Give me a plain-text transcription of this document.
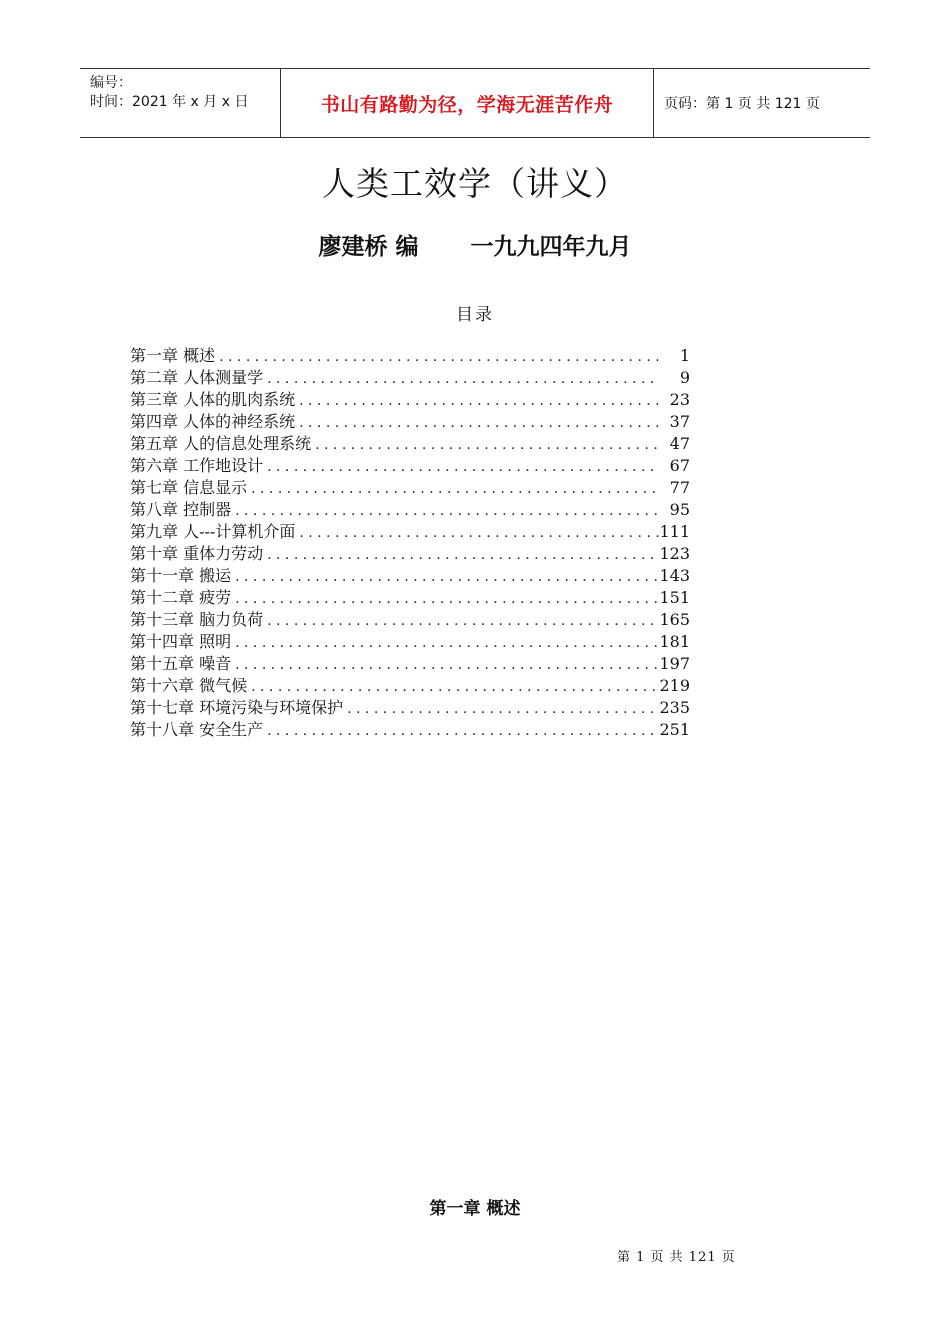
编号：
时间：2021 年 x 月 x 日	书山有路勤为径，学海无涯苦作舟	页码：第 1 页 共 121 页
人类工效学（讲义）
廖建桥 编 一九九四年九月
目录
第一章 概述 . . .	1
第二章 人体测量学 . . .	9
第三章 人体的肌肉系统 . . .	23
第四章 人体的神经系统 . . .	37
第五章 人的信息处理系统 . . .	47
第六章 工作地设计 . . .	67
第七章 信息显示 . . .	77
第八章 控制器 . . .	95
第九章 人---计算机介面 . . .	111
第十章 重体力劳动 . . .	123
第十一章 搬运 . . .	143
第十二章 疲劳 . . .	151
第十三章 脑力负荷 . . .	165
第十四章 照明 . . .	181
第十五章 噪音 . . .	197
第十六章 微气候 . . .	219
第十七章 环境污染与环境保护 . . .	235
第十八章 安全生产 . . .	251
第一章 概述
第 1 页 共 121 页
